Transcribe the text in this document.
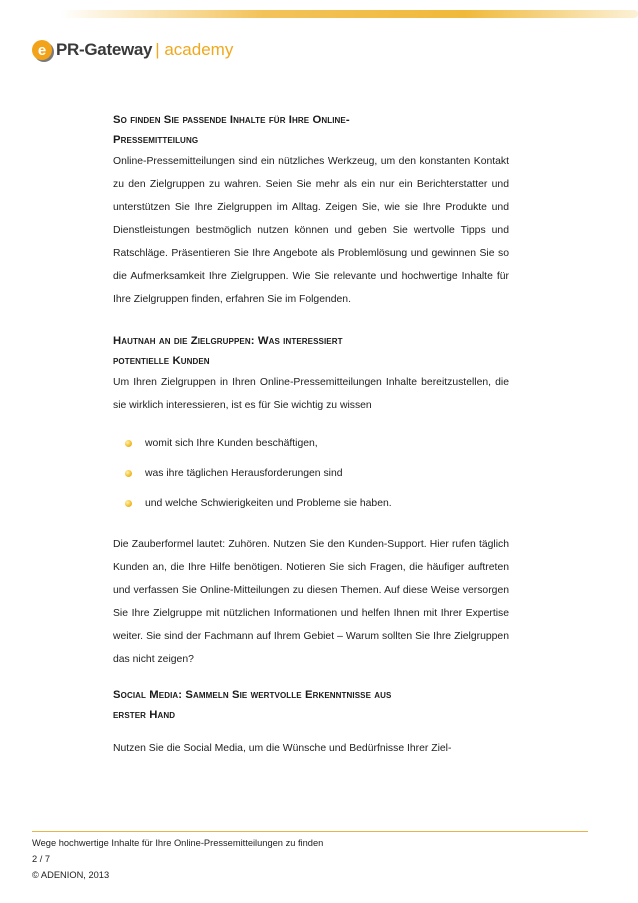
e PR-Gateway | academy
So finden Sie passende Inhalte für Ihre Online-
Pressemitteilung

Online-Pressemitteilungen sind ein nützliches Werkzeug, um den konstanten Kontakt zu den Zielgruppen zu wahren. Seien Sie mehr als ein nur ein Berichterstatter und unterstützen Sie Ihre Zielgruppen im Alltag. Zeigen Sie, wie sie Ihre Produkte und Dienstleistungen bestmöglich nutzen können und geben Sie wertvolle Tipps und Ratschläge. Präsentieren Sie Ihre Angebote als Problemlösung und gewinnen Sie so die Aufmerksamkeit Ihre Zielgruppen. Wie Sie relevante und hochwertige Inhalte für Ihre Zielgruppen finden, erfahren Sie im Folgenden.

Hautnah an die Zielgruppen: Was interessiert
potentielle Kunden

Um Ihren Zielgruppen in Ihren Online-Pressemitteilungen Inhalte bereitzustellen, die sie wirklich interessieren, ist es für Sie wichtig zu wissen

womit sich Ihre Kunden beschäftigen,
was ihre täglichen Herausforderungen sind
und welche Schwierigkeiten und Probleme sie haben.

Die Zauberformel lautet: Zuhören. Nutzen Sie den Kunden-Support. Hier rufen täglich Kunden an, die Ihre Hilfe benötigen. Notieren Sie sich Fragen, die häufiger auftreten und verfassen Sie Online-Mitteilungen zu diesen Themen. Auf diese Weise versorgen Sie Ihre Zielgruppe mit nützlichen Informationen und helfen Ihnen mit Ihrer Expertise weiter. Sie sind der Fachmann auf Ihrem Gebiet – Warum sollten Sie Ihre Zielgruppen das nicht zeigen?

Social Media: Sammeln Sie wertvolle Erkenntnisse aus
erster Hand

Nutzen Sie die Social Media, um die Wünsche und Bedürfnisse Ihrer Ziel-

Wege hochwertige Inhalte für Ihre Online-Pressemitteilungen zu finden
2 / 7
© ADENION, 2013
